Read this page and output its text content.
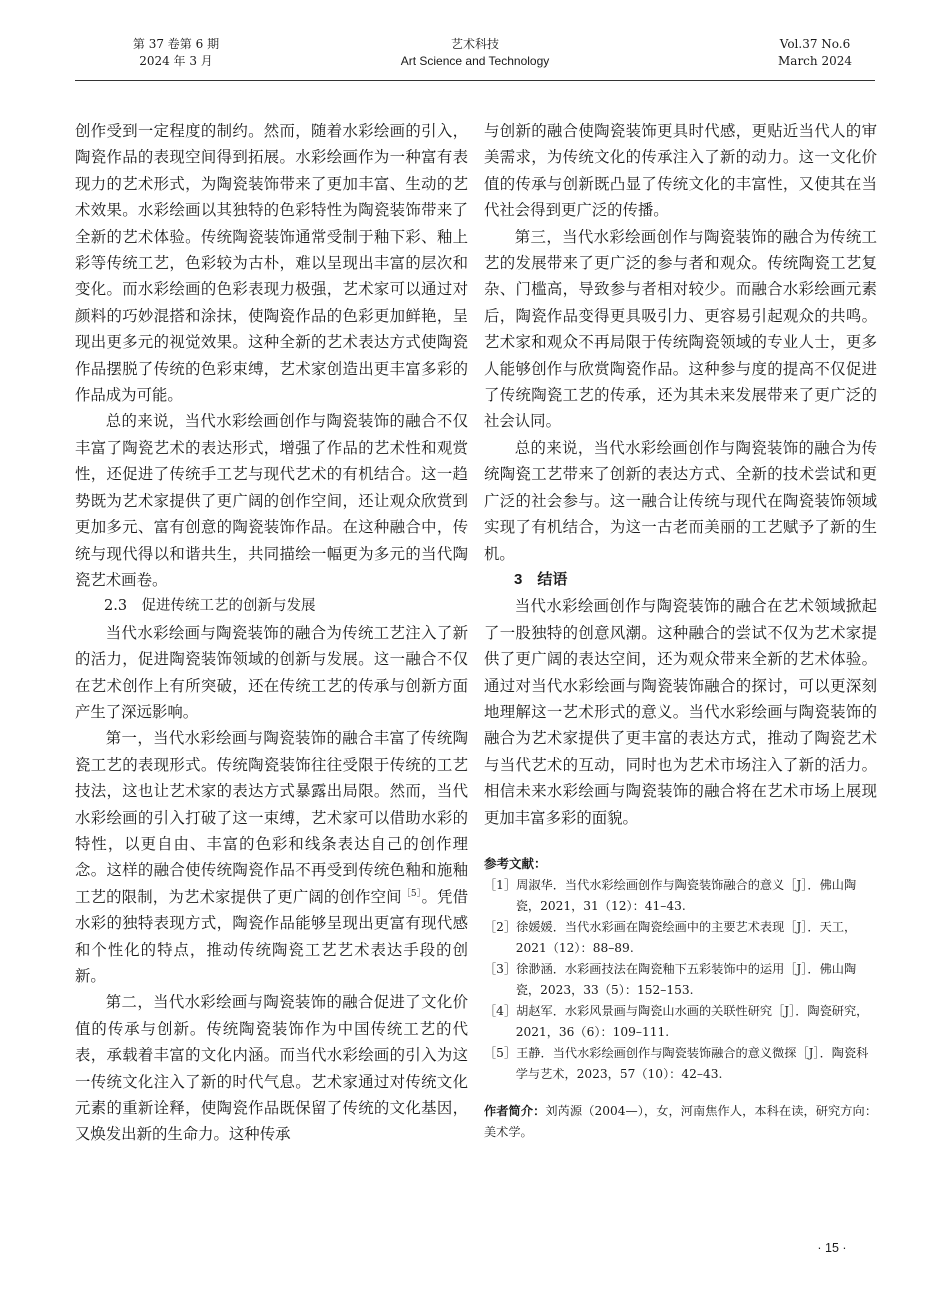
第 37 卷第 6 期
2024 年 3 月
艺术科技
Art Science and Technology
Vol.37 No.6
March 2024

创作受到一定程度的制约。然而，随着水彩绘画的引入，陶瓷作品的表现空间得到拓展。水彩绘画作为一种富有表现力的艺术形式，为陶瓷装饰带来了更加丰富、生动的艺术效果。水彩绘画以其独特的色彩特性为陶瓷装饰带来了全新的艺术体验。传统陶瓷装饰通常受制于釉下彩、釉上彩等传统工艺，色彩较为古朴，难以呈现出丰富的层次和变化。而水彩绘画的色彩表现力极强，艺术家可以通过对颜料的巧妙混搭和涂抹，使陶瓷作品的色彩更加鲜艳，呈现出更多元的视觉效果。这种全新的艺术表达方式使陶瓷作品摆脱了传统的色彩束缚，艺术家创造出更丰富多彩的作品成为可能。

总的来说，当代水彩绘画创作与陶瓷装饰的融合不仅丰富了陶瓷艺术的表达形式，增强了作品的艺术性和观赏性，还促进了传统手工艺与现代艺术的有机结合。这一趋势既为艺术家提供了更广阔的创作空间，还让观众欣赏到更加多元、富有创意的陶瓷装饰作品。在这种融合中，传统与现代得以和谐共生，共同描绘一幅更为多元的当代陶瓷艺术画卷。

2.3　促进传统工艺的创新与发展

当代水彩绘画与陶瓷装饰的融合为传统工艺注入了新的活力，促进陶瓷装饰领域的创新与发展。这一融合不仅在艺术创作上有所突破，还在传统工艺的传承与创新方面产生了深远影响。

第一，当代水彩绘画与陶瓷装饰的融合丰富了传统陶瓷工艺的表现形式。传统陶瓷装饰往往受限于传统的工艺技法，这也让艺术家的表达方式暴露出局限。然而，当代水彩绘画的引入打破了这一束缚，艺术家可以借助水彩的特性，以更自由、丰富的色彩和线条表达自己的创作理念。这样的融合使传统陶瓷作品不再受到传统色釉和施釉工艺的限制，为艺术家提供了更广阔的创作空间$^{[5]}$。凭借水彩的独特表现方式，陶瓷作品能够呈现出更富有现代感和个性化的特点，推动传统陶瓷工艺艺术表达手段的创新。

第二，当代水彩绘画与陶瓷装饰的融合促进了文化价值的传承与创新。传统陶瓷装饰作为中国传统工艺的代表，承载着丰富的文化内涵。而当代水彩绘画的引入为这一传统文化注入了新的时代气息。艺术家通过对传统文化元素的重新诠释，使陶瓷作品既保留了传统的文化基因，又焕发出新的生命力。这种传承

与创新的融合使陶瓷装饰更具时代感，更贴近当代人的审美需求，为传统文化的传承注入了新的动力。这一文化价值的传承与创新既凸显了传统文化的丰富性，又使其在当代社会得到更广泛的传播。

第三，当代水彩绘画创作与陶瓷装饰的融合为传统工艺的发展带来了更广泛的参与者和观众。传统陶瓷工艺复杂、门槛高，导致参与者相对较少。而融合水彩绘画元素后，陶瓷作品变得更具吸引力、更容易引起观众的共鸣。艺术家和观众不再局限于传统陶瓷领域的专业人士，更多人能够创作与欣赏陶瓷作品。这种参与度的提高不仅促进了传统陶瓷工艺的传承，还为其未来发展带来了更广泛的社会认同。

总的来说，当代水彩绘画创作与陶瓷装饰的融合为传统陶瓷工艺带来了创新的表达方式、全新的技术尝试和更广泛的社会参与。这一融合让传统与现代在陶瓷装饰领域实现了有机结合，为这一古老而美丽的工艺赋予了新的生机。

3　结语

当代水彩绘画创作与陶瓷装饰的融合在艺术领域掀起了一股独特的创意风潮。这种融合的尝试不仅为艺术家提供了更广阔的表达空间，还为观众带来全新的艺术体验。通过对当代水彩绘画与陶瓷装饰融合的探讨，可以更深刻地理解这一艺术形式的意义。当代水彩绘画与陶瓷装饰的融合为艺术家提供了更丰富的表达方式，推动了陶瓷艺术与当代艺术的互动，同时也为艺术市场注入了新的活力。相信未来水彩绘画与陶瓷装饰的融合将在艺术市场上展现更加丰富多彩的面貌。

参考文献：

［1］周淑华．当代水彩绘画创作与陶瓷装饰融合的意义［J］．佛山陶瓷，2021，31（12）：41–43.

［2］徐媛媛．当代水彩画在陶瓷绘画中的主要艺术表现［J］．天工，2021（12）：88–89.

［3］徐渺涵．水彩画技法在陶瓷釉下五彩装饰中的运用［J］．佛山陶瓷，2023，33（5）：152–153.

［4］胡赵军．水彩风景画与陶瓷山水画的关联性研究［J］．陶瓷研究，2021，36（6）：109–111.

［5］王静．当代水彩绘画创作与陶瓷装饰融合的意义微探［J］．陶瓷科学与艺术，2023，57（10）：42–43.

作者简介：刘芮源（2004—），女，河南焦作人，本科在读，研究方向：美术学。

· 15 ·
